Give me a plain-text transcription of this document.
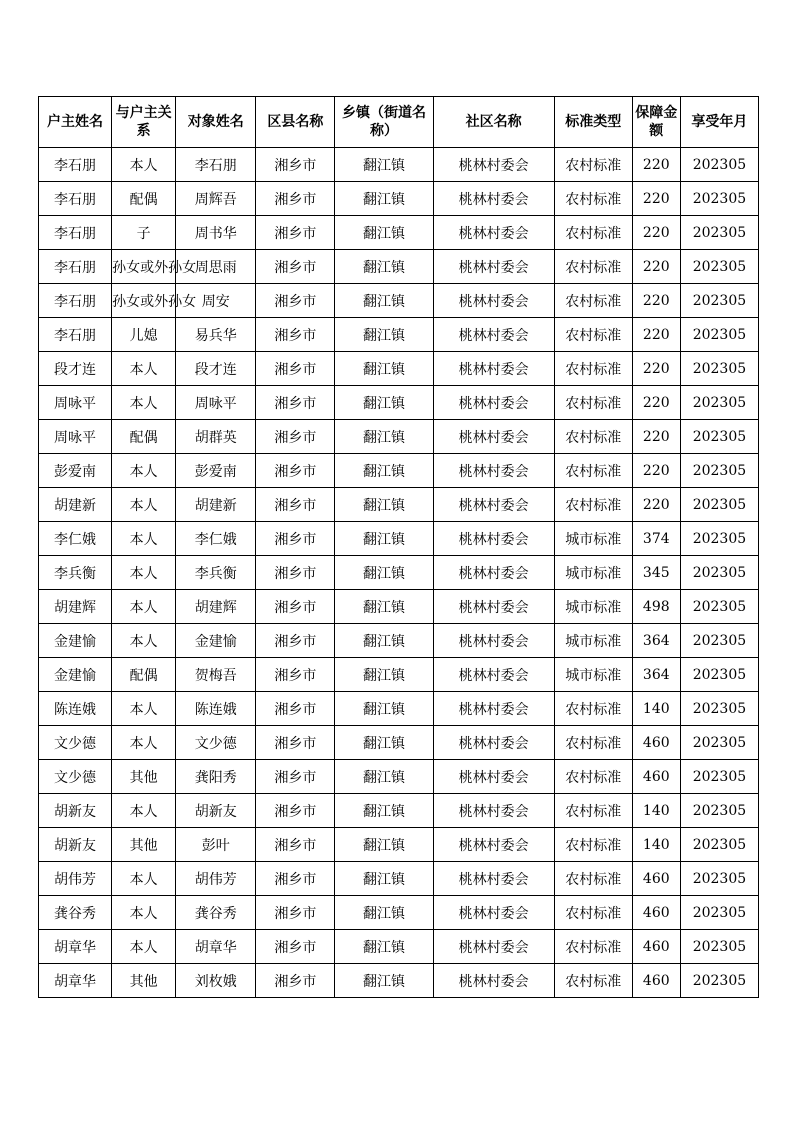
户主姓名	与户主关系	对象姓名	区县名称	乡镇（街道名称）	社区名称	标准类型	保障金额	享受年月
李石朋	本人	李石朋	湘乡市	翻江镇	桃林村委会	农村标准	220	202305
李石朋	配偶	周辉吾	湘乡市	翻江镇	桃林村委会	农村标准	220	202305
李石朋	子	周书华	湘乡市	翻江镇	桃林村委会	农村标准	220	202305
李石朋	孙女或外孙女	周思雨	湘乡市	翻江镇	桃林村委会	农村标准	220	202305
李石朋	孙女或外孙女	周安	湘乡市	翻江镇	桃林村委会	农村标准	220	202305
李石朋	儿媳	易兵华	湘乡市	翻江镇	桃林村委会	农村标准	220	202305
段才连	本人	段才连	湘乡市	翻江镇	桃林村委会	农村标准	220	202305
周咏平	本人	周咏平	湘乡市	翻江镇	桃林村委会	农村标准	220	202305
周咏平	配偶	胡群英	湘乡市	翻江镇	桃林村委会	农村标准	220	202305
彭爱南	本人	彭爱南	湘乡市	翻江镇	桃林村委会	农村标准	220	202305
胡建新	本人	胡建新	湘乡市	翻江镇	桃林村委会	农村标准	220	202305
李仁娥	本人	李仁娥	湘乡市	翻江镇	桃林村委会	城市标准	374	202305
李兵衡	本人	李兵衡	湘乡市	翻江镇	桃林村委会	城市标准	345	202305
胡建辉	本人	胡建辉	湘乡市	翻江镇	桃林村委会	城市标准	498	202305
金建愉	本人	金建愉	湘乡市	翻江镇	桃林村委会	城市标准	364	202305
金建愉	配偶	贺梅吾	湘乡市	翻江镇	桃林村委会	城市标准	364	202305
陈连娥	本人	陈连娥	湘乡市	翻江镇	桃林村委会	农村标准	140	202305
文少德	本人	文少德	湘乡市	翻江镇	桃林村委会	农村标准	460	202305
文少德	其他	龚阳秀	湘乡市	翻江镇	桃林村委会	农村标准	460	202305
胡新友	本人	胡新友	湘乡市	翻江镇	桃林村委会	农村标准	140	202305
胡新友	其他	彭叶	湘乡市	翻江镇	桃林村委会	农村标准	140	202305
胡伟芳	本人	胡伟芳	湘乡市	翻江镇	桃林村委会	农村标准	460	202305
龚谷秀	本人	龚谷秀	湘乡市	翻江镇	桃林村委会	农村标准	460	202305
胡章华	本人	胡章华	湘乡市	翻江镇	桃林村委会	农村标准	460	202305
胡章华	其他	刘枚娥	湘乡市	翻江镇	桃林村委会	农村标准	460	202305
